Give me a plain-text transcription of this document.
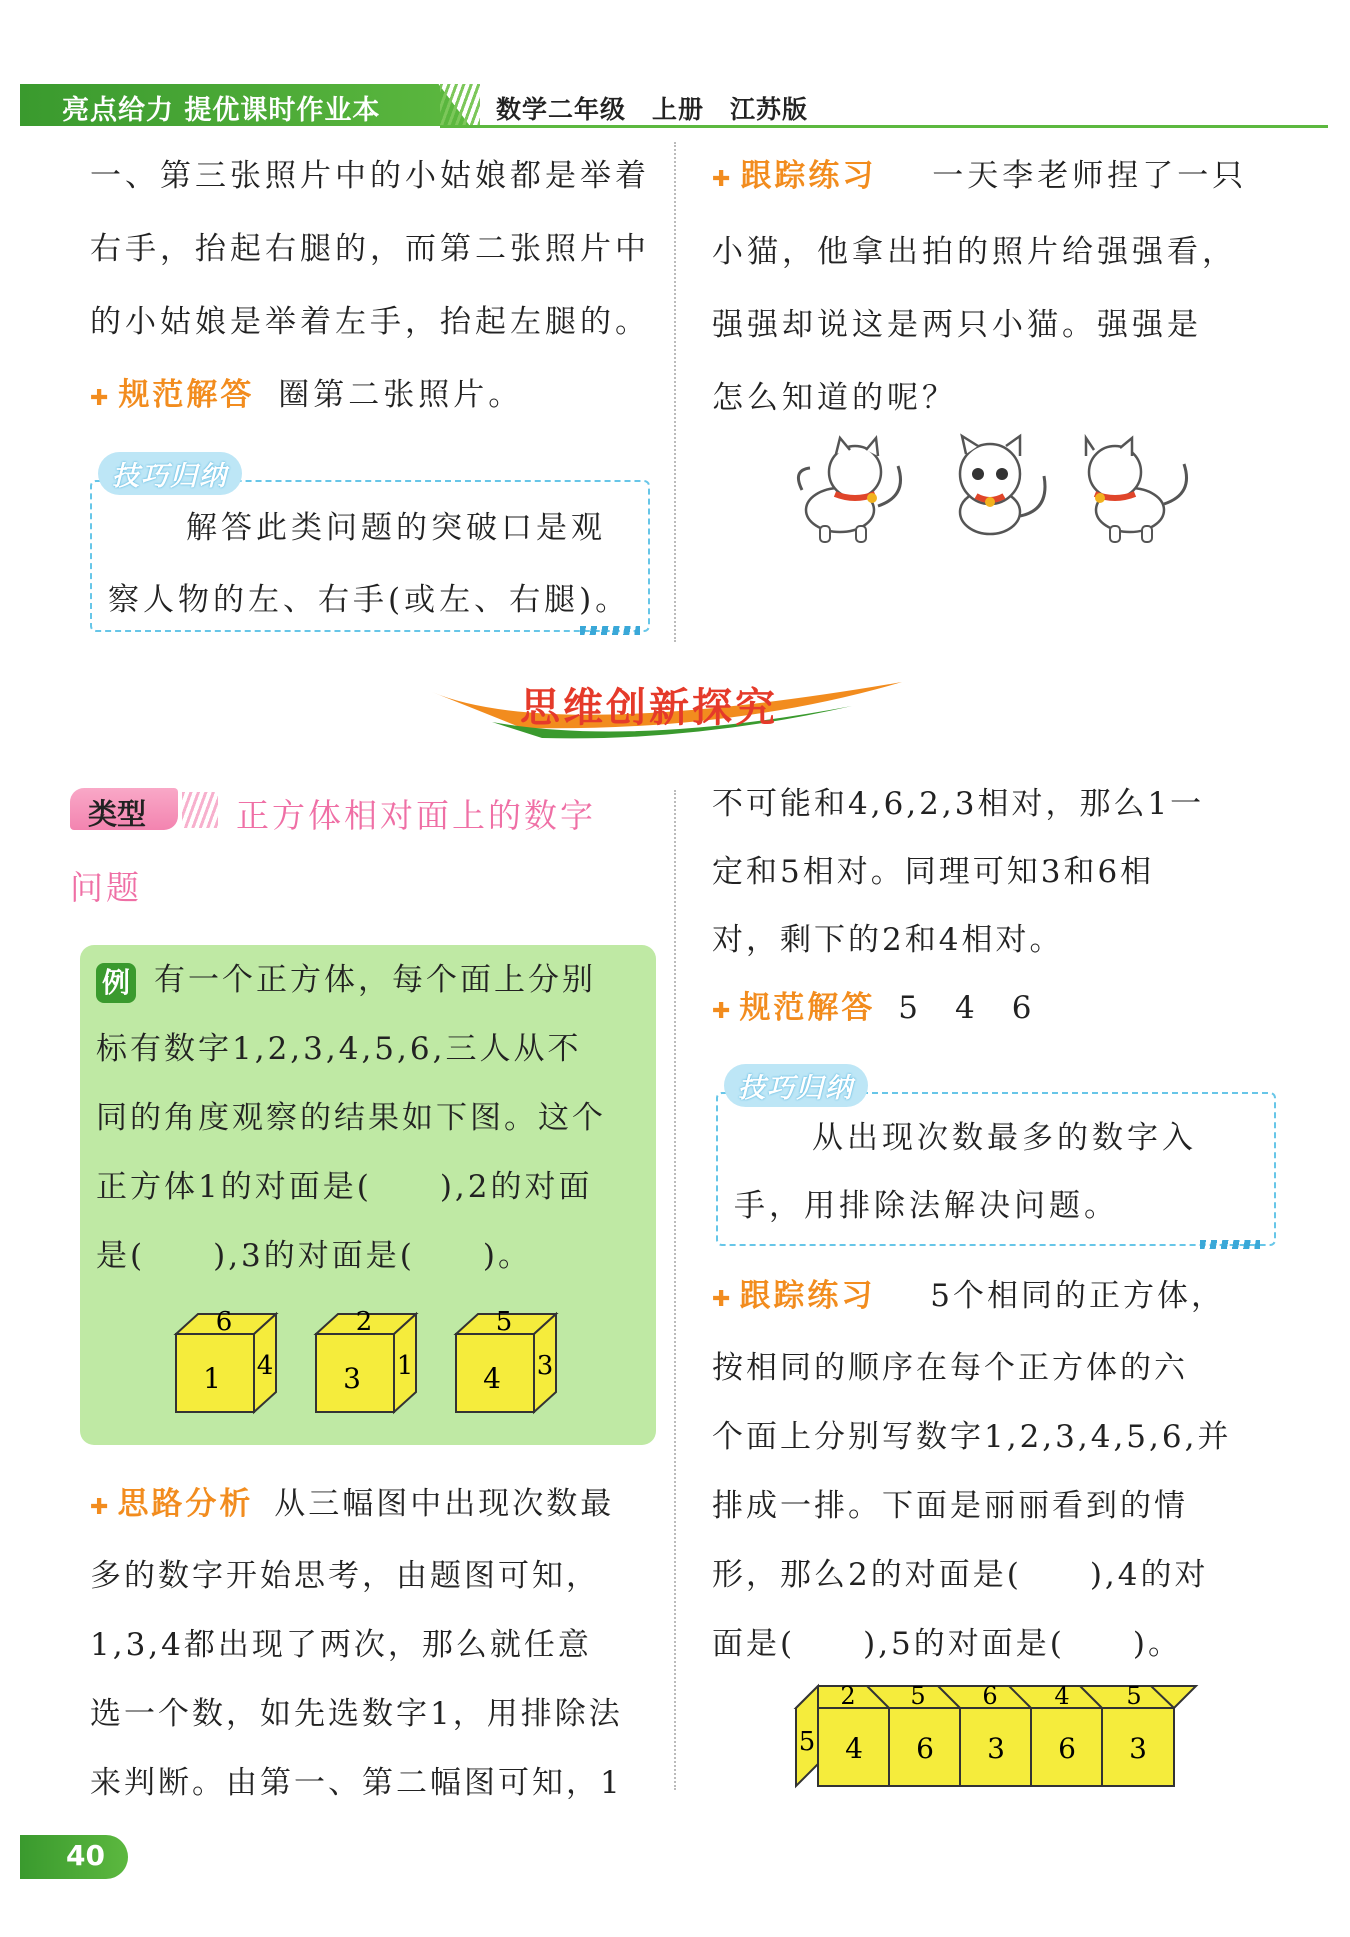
亮点给力 提优课时作业本	数学二年级　上册　江苏版
一、第三张照片中的小姑娘都是举着
右手，抬起右腿的，而第二张照片中
的小姑娘是举着左手，抬起左腿的。
✚ 规范解答 圈第二张照片。
技巧归纳
解答此类问题的突破口是观
察人物的左、右手(或左、右腿)。
✚ 跟踪练习 一天李老师捏了一只
小猫，他拿出拍的照片给强强看，
强强却说这是两只小猫。强强是
怎么知道的呢？
思维创新探究
类型	正方体相对面上的数字
问题
例 有一个正方体，每个面上分别
标有数字1,2,3,4,5,6,三人从不
同的角度观察的结果如下图。这个
正方体1的对面是(　　),2的对面
是(　　),3的对面是(　　)。
6
1 4
2
3 1
5
4 3
✚ 思路分析 从三幅图中出现次数最
多的数字开始思考，由题图可知，
1,3,4都出现了两次，那么就任意
选一个数，如先选数字1，用排除法
来判断。由第一、第二幅图可知，1
不可能和4,6,2,3相对，那么1一
定和5相对。同理可知3和6相
对，剩下的2和4相对。
✚ 规范解答 5　4　6
技巧归纳
从出现次数最多的数字入
手，用排除法解决问题。
✚ 跟踪练习 5个相同的正方体，
按相同的顺序在每个正方体的六
个面上分别写数字1,2,3,4,5,6,并
排成一排。下面是丽丽看到的情
形，那么2的对面是(　　),4的对
面是(　　),5的对面是(　　)。
5
2 5 6 4 5
4 6 3 6 3
40
